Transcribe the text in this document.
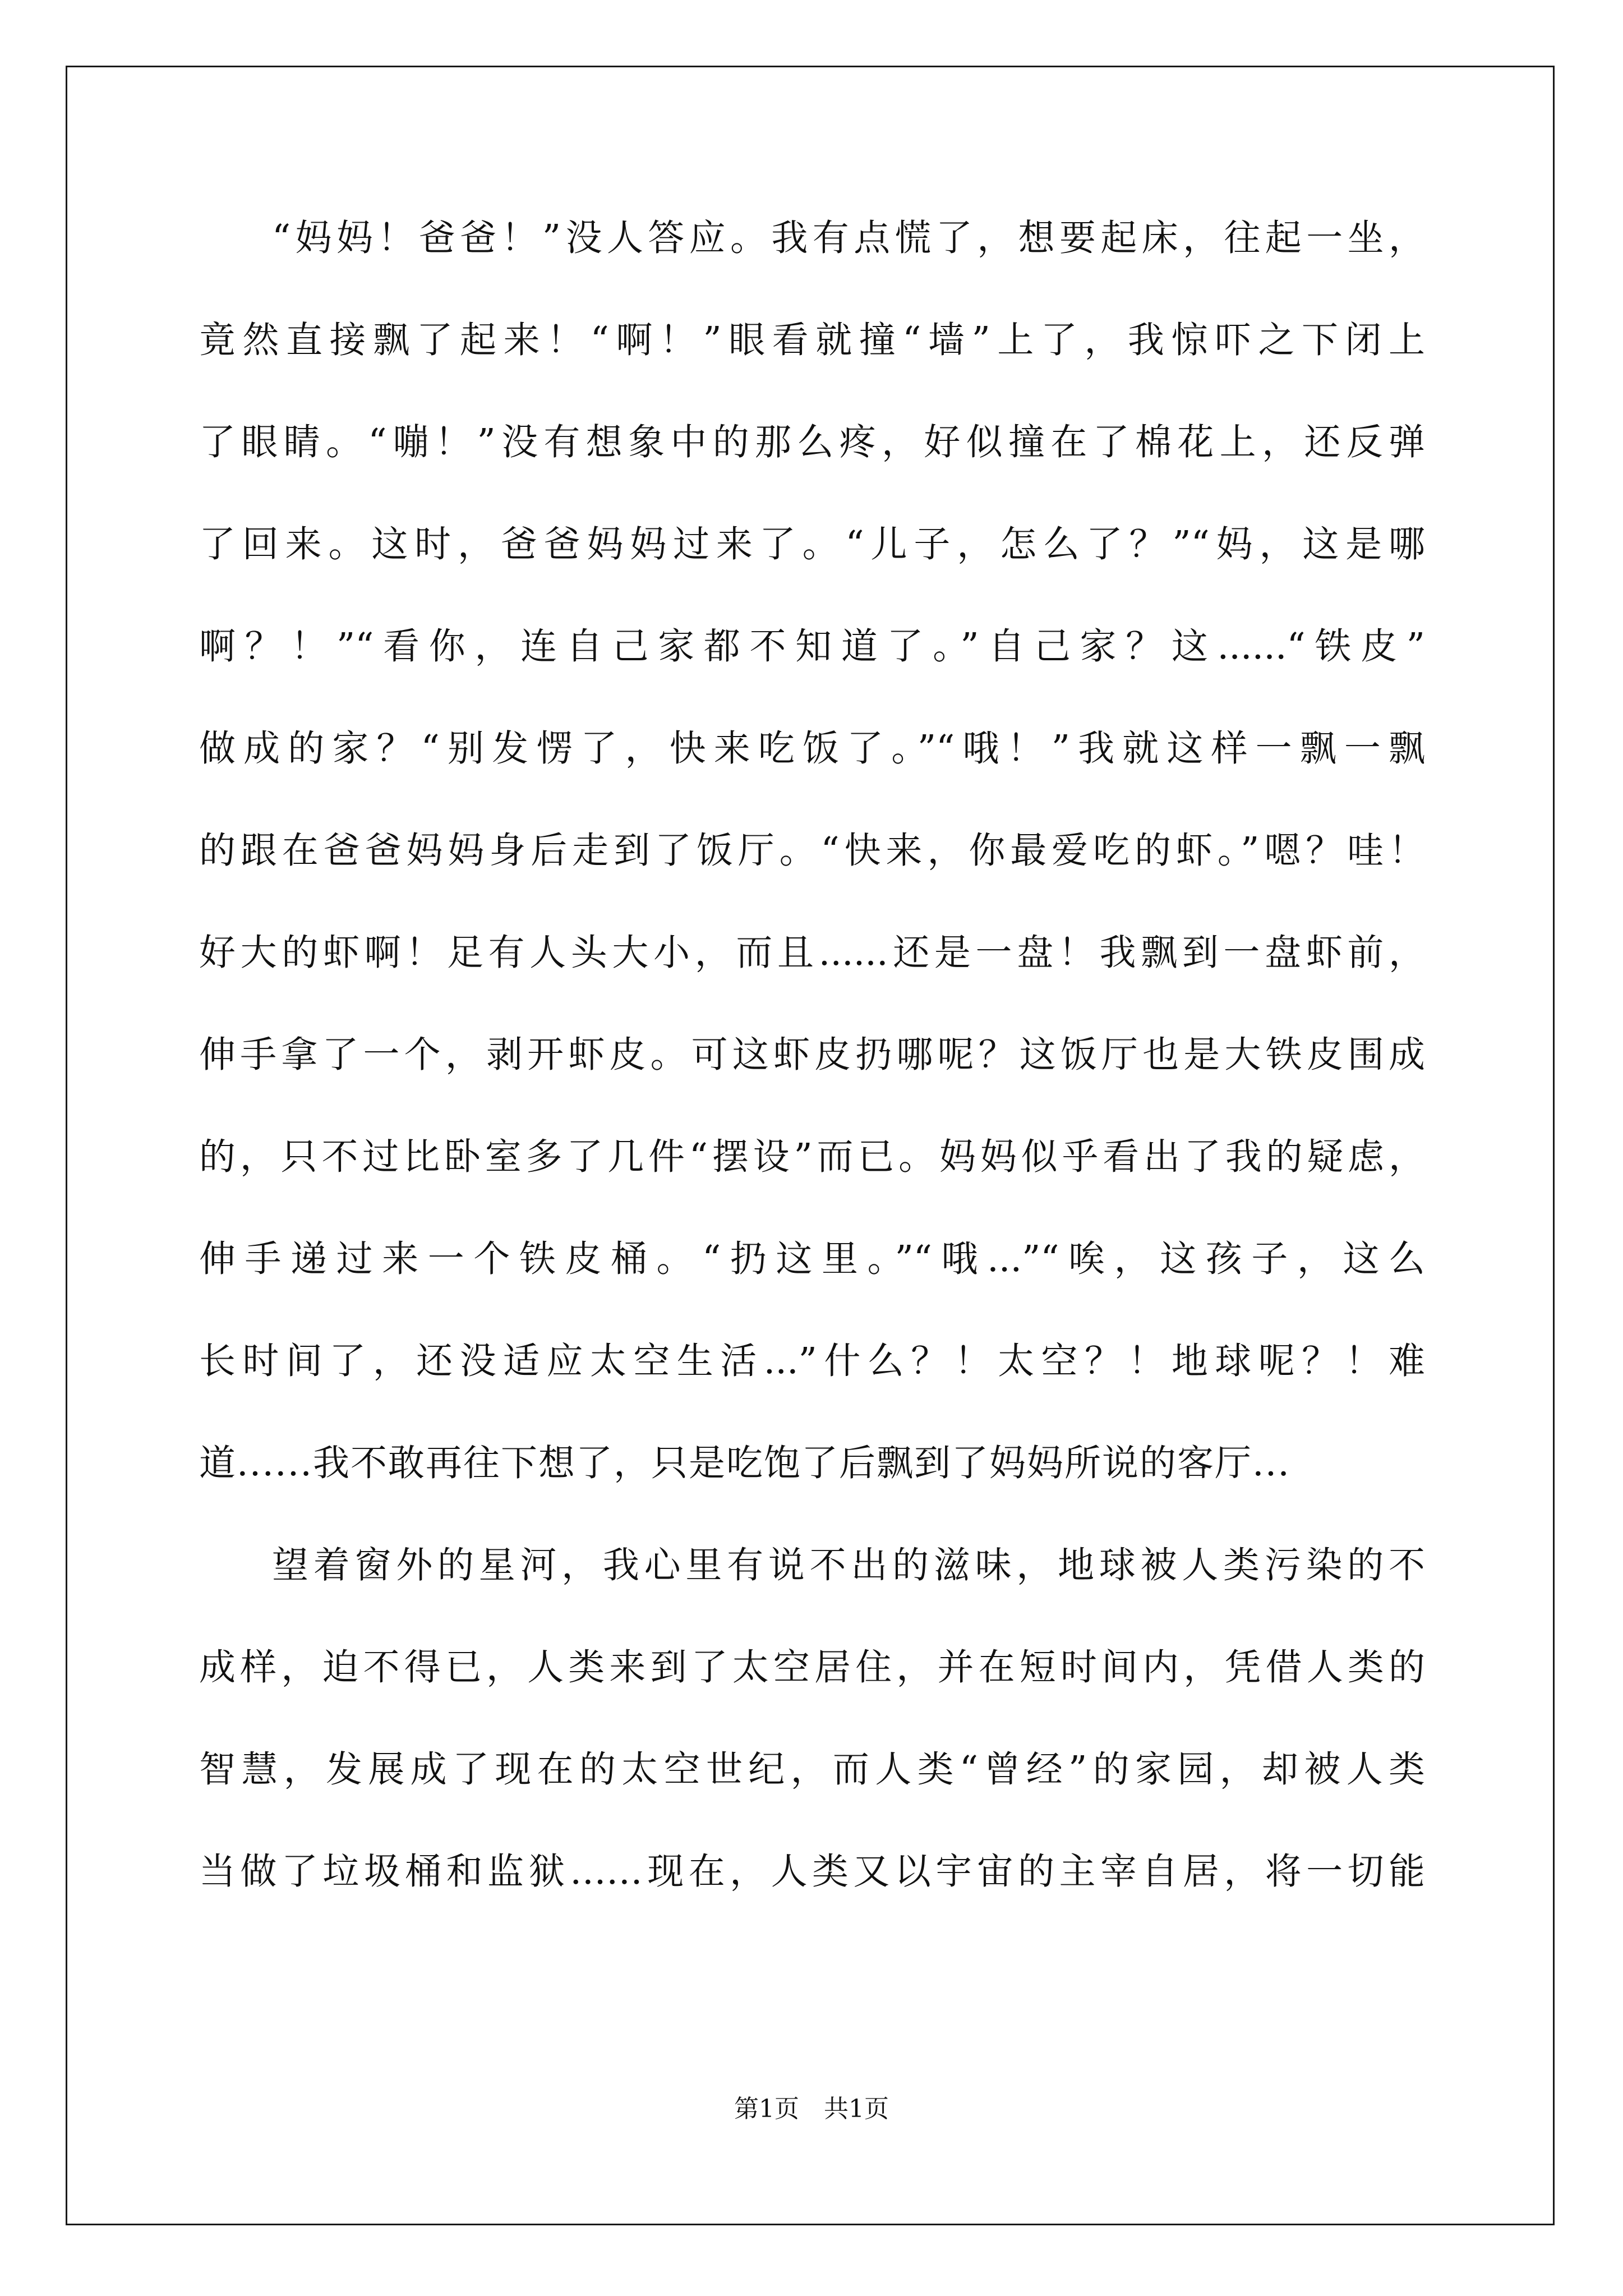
“妈妈！爸爸！”没人答应。我有点慌了，想要起床，往起一坐，
竟然直接飘了起来！“啊！”眼看就撞“墙”上了，我惊吓之下闭上
了眼睛。“嘣！”没有想象中的那么疼，好似撞在了棉花上，还反弹
了回来。这时，爸爸妈妈过来了。“儿子，怎么了？”“妈，这是哪
啊？！”“看你，连自己家都不知道了。”自己家？这......“铁皮”
做成的家？“别发愣了，快来吃饭了。”“哦！”我就这样一飘一飘
的跟在爸爸妈妈身后走到了饭厅。“快来，你最爱吃的虾。”嗯？哇！
好大的虾啊！足有人头大小，而且......还是一盘！我飘到一盘虾前，
伸手拿了一个，剥开虾皮。可这虾皮扔哪呢？这饭厅也是大铁皮围成
的，只不过比卧室多了几件“摆设”而已。妈妈似乎看出了我的疑虑，
伸手递过来一个铁皮桶。“扔这里。”“哦...”“唉，这孩子，这么
长时间了，还没适应太空生活...”什么？！太空？！地球呢？！难
道......我不敢再往下想了，只是吃饱了后飘到了妈妈所说的客厅...
望着窗外的星河，我心里有说不出的滋味，地球被人类污染的不
成样，迫不得已，人类来到了太空居住，并在短时间内，凭借人类的
智慧，发展成了现在的太空世纪，而人类“曾经”的家园，却被人类
当做了垃圾桶和监狱……现在，人类又以宇宙的主宰自居，将一切能
第1页　共1页
